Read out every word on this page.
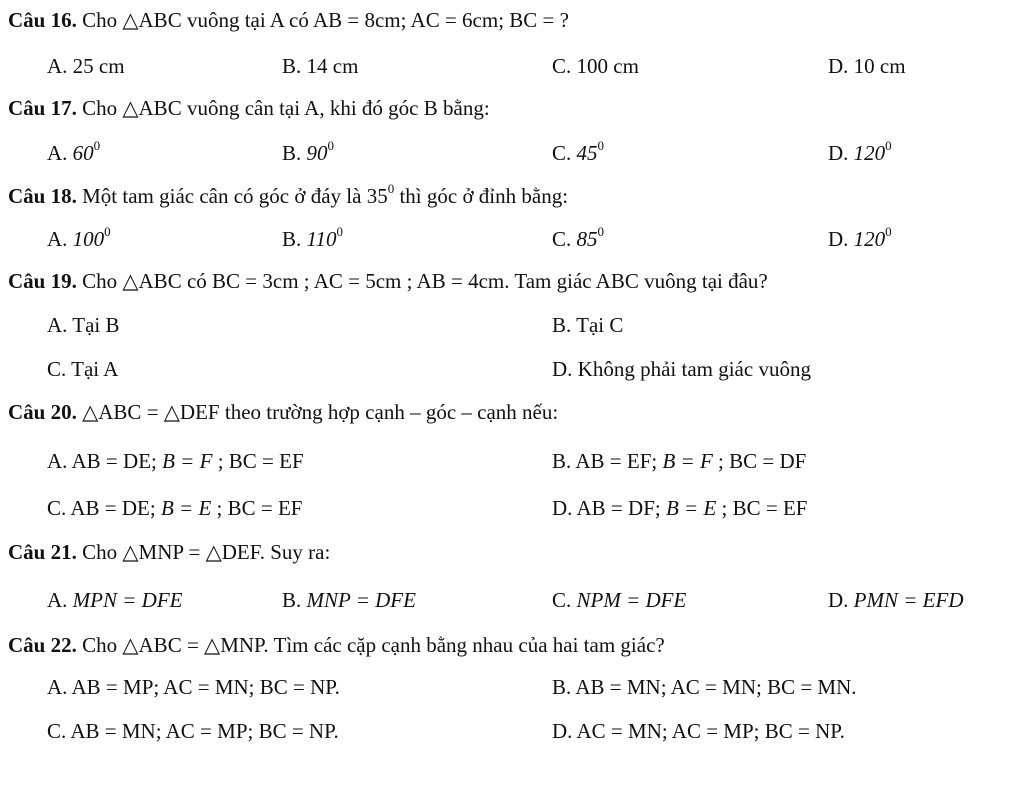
Câu 16. Cho △ABC vuông tại A có AB = 8cm; AC = 6cm; BC = ?
A. 25 cm	B. 14 cm	C. 100 cm	D. 10 cm
Câu 17. Cho △ABC vuông cân tại A, khi đó góc B bằng:
A. $60^0$	B. $90^0$	C. $45^0$	D. $120^0$
Câu 18. Một tam giác cân có góc ở đáy là $35^0$ thì góc ở đỉnh bằng:
A. $100^0$	B. $110^0$	C. $85^0$	D. $120^0$
Câu 19. Cho △ABC có BC = 3cm ; AC = 5cm ; AB = 4cm. Tam giác ABC vuông tại đâu?
A. Tại B	B. Tại C
C. Tại A	D. Không phải tam giác vuông
Câu 20. △ABC = △DEF theo trường hợp cạnh – góc – cạnh nếu:
A. AB = DE; B = F ; BC = EF	B. AB = EF; B = F ; BC = DF
C. AB = DE; B = E ; BC = EF	D. AB = DF; B = E ; BC = EF
Câu 21. Cho △MNP = △DEF. Suy ra:
A. MPN = DFE	B. MNP = DFE	C. NPM = DFE	D. PMN = EFD
Câu 22. Cho △ABC = △MNP. Tìm các cặp cạnh bằng nhau của hai tam giác?
A. AB = MP; AC = MN; BC = NP.	B. AB = MN; AC = MN; BC = MN.
C. AB = MN; AC = MP; BC = NP.	D. AC = MN; AC = MP; BC = NP.
